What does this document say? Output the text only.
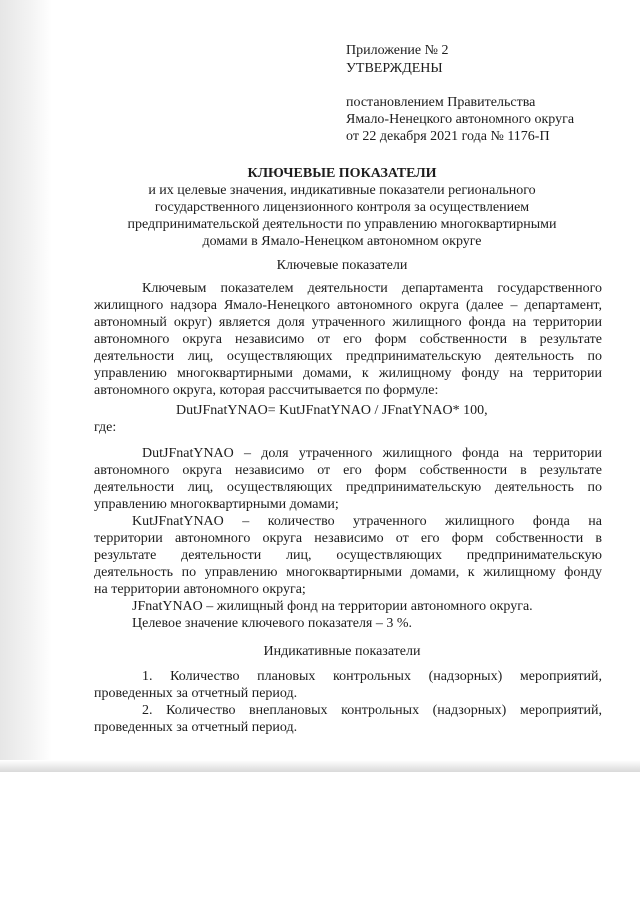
Приложение № 2
УТВЕРЖДЕНЫ
постановлением Правительства
Ямало-Ненецкого автономного округа
от 22 декабря 2021 года № 1176-П
КЛЮЧЕВЫЕ ПОКАЗАТЕЛИ
и их целевые значения, индикативные показатели регионального
государственного лицензионного контроля за осуществлением
предпринимательской деятельности по управлению многоквартирными
домами в Ямало-Ненецком автономном округе
Ключевые показатели
Ключевым показателем деятельности департамента государственного
жилищного надзора Ямало-Ненецкого автономного округа (далее – департамент,
автономный округ) является доля утраченного жилищного фонда на территории
автономного округа независимо от его форм собственности в результате
деятельности лиц, осуществляющих предпринимательскую деятельность по
управлению многоквартирными домами, к жилищному фонду на территории
автономного округа, которая рассчитывается по формуле:
DutJFnatYNAO= KutJFnatYNAO / JFnatYNAO* 100,
где:
DutJFnatYNAO – доля утраченного жилищного фонда на территории
автономного округа независимо от его форм собственности в результате
деятельности лиц, осуществляющих предпринимательскую деятельность по
управлению многоквартирными домами;
KutJFnatYNAO – количество утраченного жилищного фонда на
территории автономного округа независимо от его форм собственности в
результате деятельности лиц, осуществляющих предпринимательскую
деятельность по управлению многоквартирными домами, к жилищному фонду
на территории автономного округа;
JFnatYNAO – жилищный фонд на территории автономного округа.
Целевое значение ключевого показателя – 3 %.
Индикативные показатели
1. Количество плановых контрольных (надзорных) мероприятий,
проведенных за отчетный период.
2. Количество внеплановых контрольных (надзорных) мероприятий,
проведенных за отчетный период.
